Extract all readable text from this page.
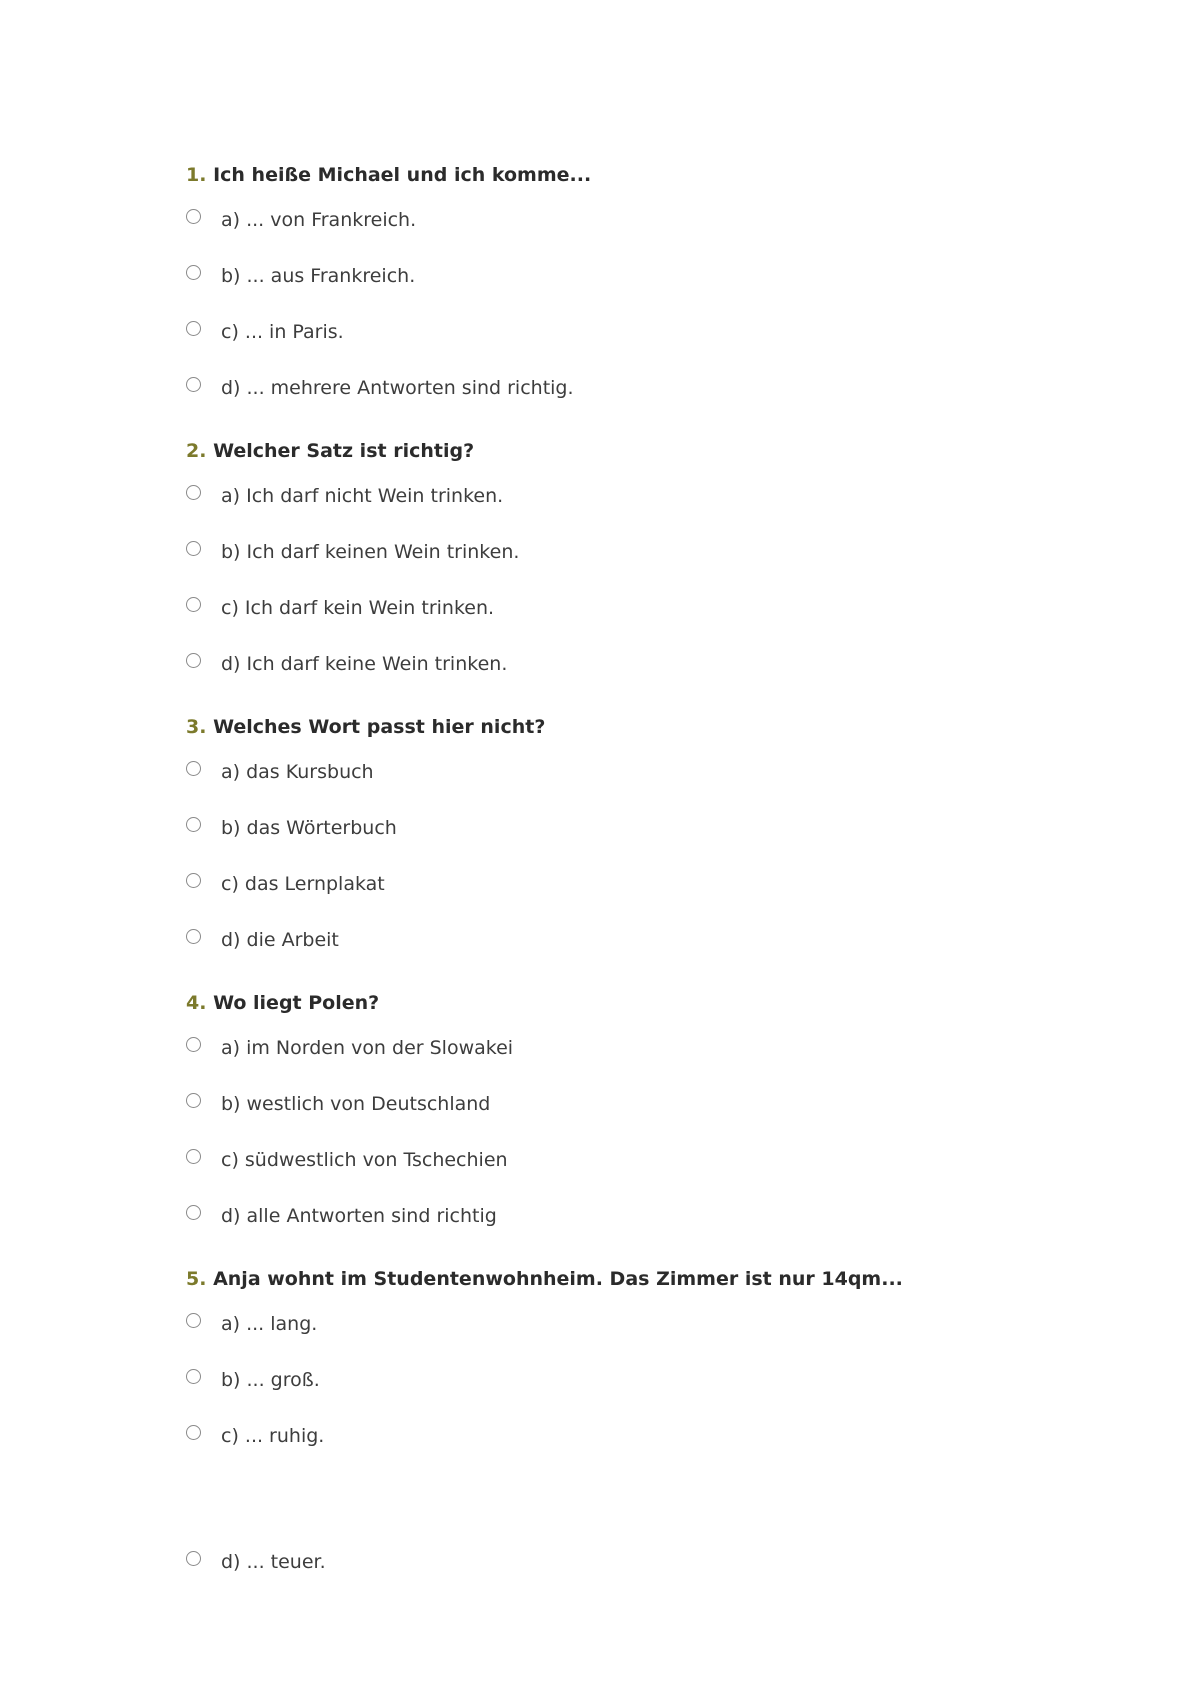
1. Ich heiße Michael und ich komme...
a) ... von Frankreich.
b) ... aus Frankreich.
c) ... in Paris.
d) ... mehrere Antworten sind richtig.
2. Welcher Satz ist richtig?
a) Ich darf nicht Wein trinken.
b) Ich darf keinen Wein trinken.
c) Ich darf kein Wein trinken.
d) Ich darf keine Wein trinken.
3. Welches Wort passt hier nicht?
a) das Kursbuch
b) das Wörterbuch
c) das Lernplakat
d) die Arbeit
4. Wo liegt Polen?
a) im Norden von der Slowakei
b) westlich von Deutschland
c) südwestlich von Tschechien
d) alle Antworten sind richtig
5. Anja wohnt im Studentenwohnheim. Das Zimmer ist nur 14qm...
a) ... lang.
b) ... groß.
c) ... ruhig.
d) ... teuer.
